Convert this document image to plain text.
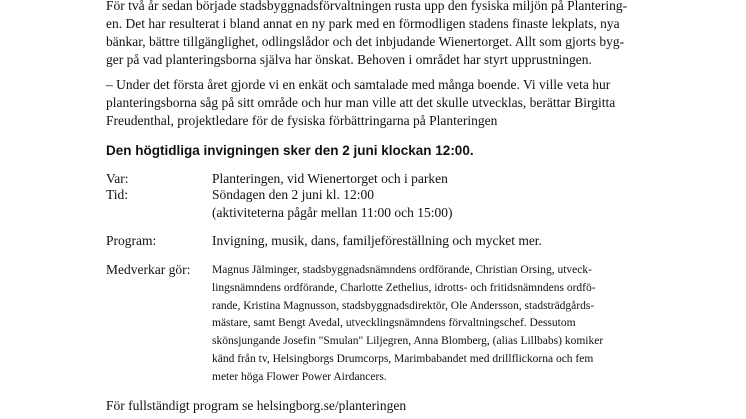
För två år sedan började stadsbyggnadsförvaltningen rusta upp den fysiska miljön på Plantering-
en. Det har resulterat i bland annat en ny park med en förmodligen stadens finaste lekplats, nya
bänkar, bättre tillgänglighet, odlingslådor och det inbjudande Wienertorget. Allt som gjorts byg-
ger på vad planteringsborna själva har önskat. Behoven i området har styrt upprustningen.

– Under det första året gjorde vi en enkät och samtalade med många boende. Vi ville veta hur
planteringsborna såg på sitt område och hur man ville att det skulle utvecklas, berättar Birgitta
Freudenthal, projektledare för de fysiska förbättringarna på Planteringen

Den högtidliga invigningen sker den 2 juni klockan 12:00.

Var:	Planteringen, vid Wienertorget och i parken
Tid:	Söndagen den 2 juni kl. 12:00
(aktiviteterna pågår mellan 11:00 och 15:00)
Program:	Invigning, musik, dans, familjeföreställning och mycket mer.
Medverkar gör: Magnus Jälminger, stadsbyggnadsnämndens ordförande, Christian Orsing, utveck-
lingsnämndens ordförande, Charlotte Zethelius, idrotts- och fritidsnämndens ordfö-
rande, Kristina Magnusson, stadsbyggnadsdirektör, Ole Andersson, stadsträdgårds-
mästare, samt Bengt Avedal, utvecklingsnämndens förvaltningschef. Dessutom
skönsjungande Josefin "Smulan" Liljegren, Anna Blomberg, (alias Lillbabs) komiker
känd från tv, Helsingborgs Drumcorps, Marimbabandet med drillflickorna och fem
meter höga Flower Power Airdancers.
För fullständigt program se helsingborg.se/planteringen
